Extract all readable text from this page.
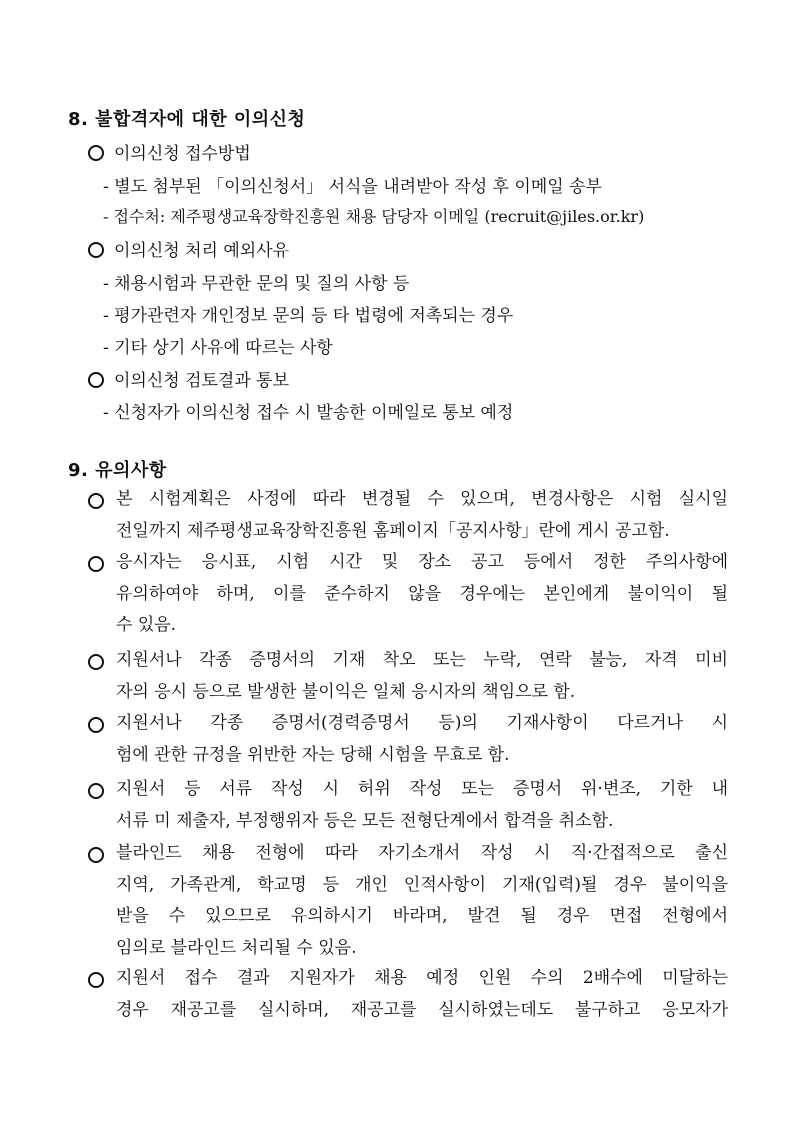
8. 불합격자에 대한 이의신청
이의신청 접수방법
- 별도 첨부된 「이의신청서」 서식을 내려받아 작성 후 이메일 송부
- 접수처: 제주평생교육장학진흥원 채용 담당자 이메일 (recruit@jiles.or.kr)
이의신청 처리 예외사유
- 채용시험과 무관한 문의 및 질의 사항 등
- 평가관련자 개인정보 문의 등 타 법령에 저촉되는 경우
- 기타 상기 사유에 따르는 사항
이의신청 검토결과 통보
- 신청자가 이의신청 접수 시 발송한 이메일로 통보 예정
9. 유의사항
본 시험계획은 사정에 따라 변경될 수 있으며, 변경사항은 시험 실시일
전일까지 제주평생교육장학진흥원 홈페이지「공지사항」란에 게시 공고함.
응시자는 응시표, 시험 시간 및 장소 공고 등에서 정한 주의사항에
유의하여야 하며, 이를 준수하지 않을 경우에는 본인에게 불이익이 될
수 있음.
지원서나 각종 증명서의 기재 착오 또는 누락, 연락 불능, 자격 미비
자의 응시 등으로 발생한 불이익은 일체 응시자의 책임으로 함.
지원서나 각종 증명서(경력증명서 등)의 기재사항이 다르거나 시
험에 관한 규정을 위반한 자는 당해 시험을 무효로 함.
지원서 등 서류 작성 시 허위 작성 또는 증명서 위·변조, 기한 내
서류 미 제출자, 부정행위자 등은 모든 전형단계에서 합격을 취소함.
블라인드 채용 전형에 따라 자기소개서 작성 시 직·간접적으로 출신
지역, 가족관계, 학교명 등 개인 인적사항이 기재(입력)될 경우 불이익을
받을 수 있으므로 유의하시기 바라며, 발견 될 경우 면접 전형에서
임의로 블라인드 처리될 수 있음.
지원서 접수 결과 지원자가 채용 예정 인원 수의 2배수에 미달하는
경우 재공고를 실시하며, 재공고를 실시하였는데도 불구하고 응모자가
